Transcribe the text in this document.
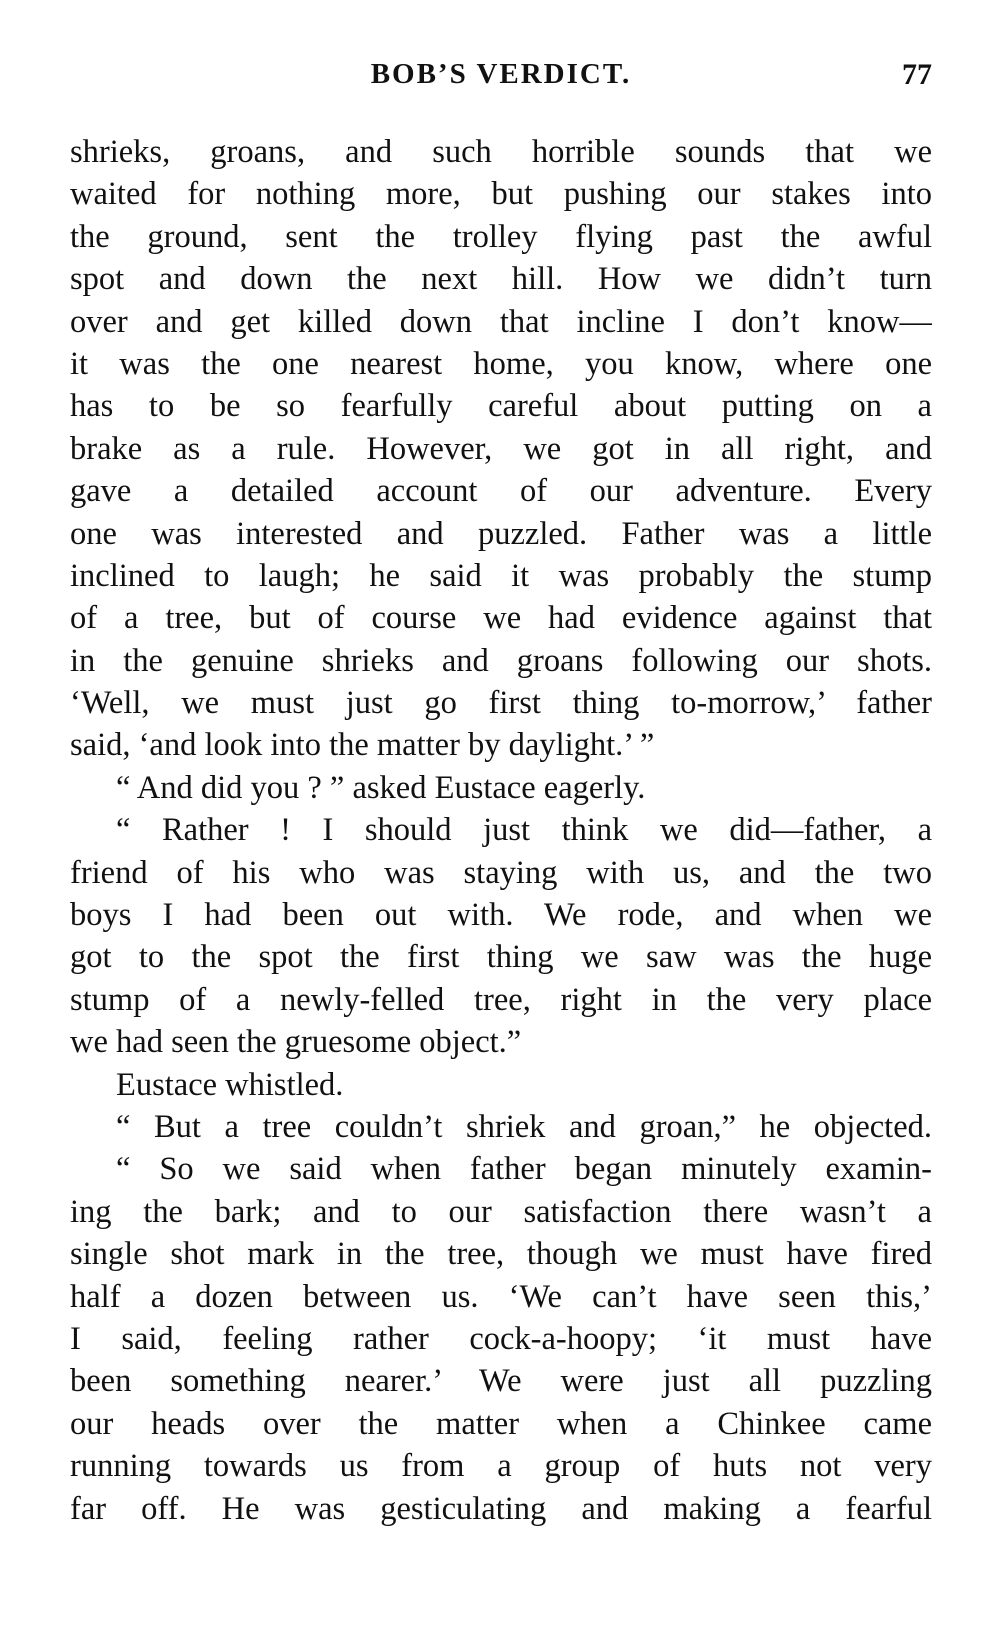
BOB’S VERDICT.	77
shrieks, groans, and such horrible sounds that we
waited for nothing more, but pushing our stakes into
the ground, sent the trolley flying past the awful
spot and down the next hill. How we didn’t turn
over and get killed down that incline I don’t know—
it was the one nearest home, you know, where one
has to be so fearfully careful about putting on a
brake as a rule. However, we got in all right, and
gave a detailed account of our adventure. Every
one was interested and puzzled. Father was a little
inclined to laugh; he said it was probably the stump
of a tree, but of course we had evidence against that
in the genuine shrieks and groans following our shots.
‘Well, we must just go first thing to-morrow,’ father
said, ‘and look into the matter by daylight.’ ”
“ And did you ? ” asked Eustace eagerly.
“ Rather ! I should just think we did—father, a
friend of his who was staying with us, and the two
boys I had been out with. We rode, and when we
got to the spot the first thing we saw was the huge
stump of a newly-felled tree, right in the very place
we had seen the gruesome object.”
Eustace whistled.
“ But a tree couldn’t shriek and groan,” he objected.
“ So we said when father began minutely examin-
ing the bark; and to our satisfaction there wasn’t a
single shot mark in the tree, though we must have fired
half a dozen between us. ‘We can’t have seen this,’
I said, feeling rather cock-a-hoopy; ‘it must have
been something nearer.’ We were just all puzzling
our heads over the matter when a Chinkee came
running towards us from a group of huts not very
far off. He was gesticulating and making a fearful
